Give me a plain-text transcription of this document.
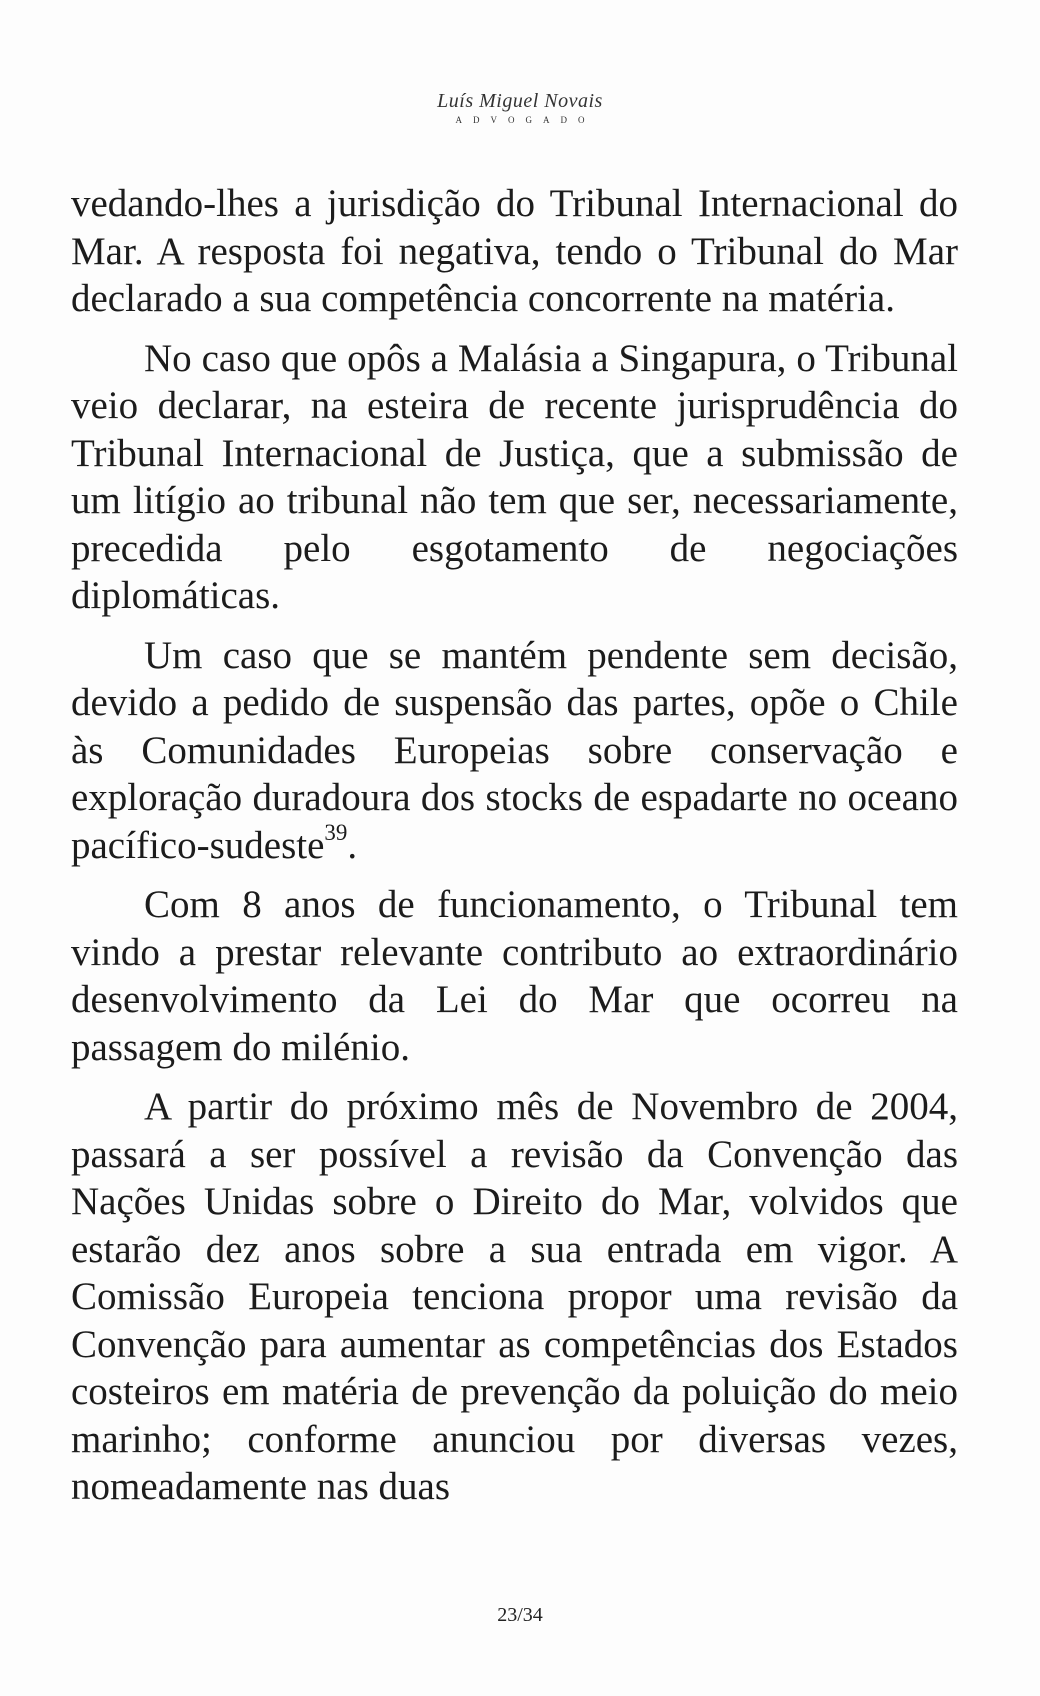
Luís Miguel Novais
ADVOGADO

vedando-lhes a jurisdição do Tribunal Internacional do Mar. A resposta foi negativa, tendo o Tribunal do Mar declarado a sua competência concorrente na matéria.

No caso que opôs a Malásia a Singapura, o Tribunal veio declarar, na esteira de recente jurisprudência do Tribunal Internacional de Justiça, que a submissão de um litígio ao tribunal não tem que ser, necessariamente, precedida pelo esgotamento de negociações diplomáticas.

Um caso que se mantém pendente sem decisão, devido a pedido de suspensão das partes, opõe o Chile às Comunidades Europeias sobre conservação e exploração duradoura dos stocks de espadarte no oceano pacífico-sudeste$^{39}$.

Com 8 anos de funcionamento, o Tribunal tem vindo a prestar relevante contributo ao extraordinário desenvolvimento da Lei do Mar que ocorreu na passagem do milénio.

A partir do próximo mês de Novembro de 2004, passará a ser possível a revisão da Convenção das Nações Unidas sobre o Direito do Mar, volvidos que estarão dez anos sobre a sua entrada em vigor. A Comissão Europeia tenciona propor uma revisão da Convenção para aumentar as competências dos Estados costeiros em matéria de prevenção da poluição do meio marinho; conforme anunciou por diversas vezes, nomeadamente nas duas

23/34
